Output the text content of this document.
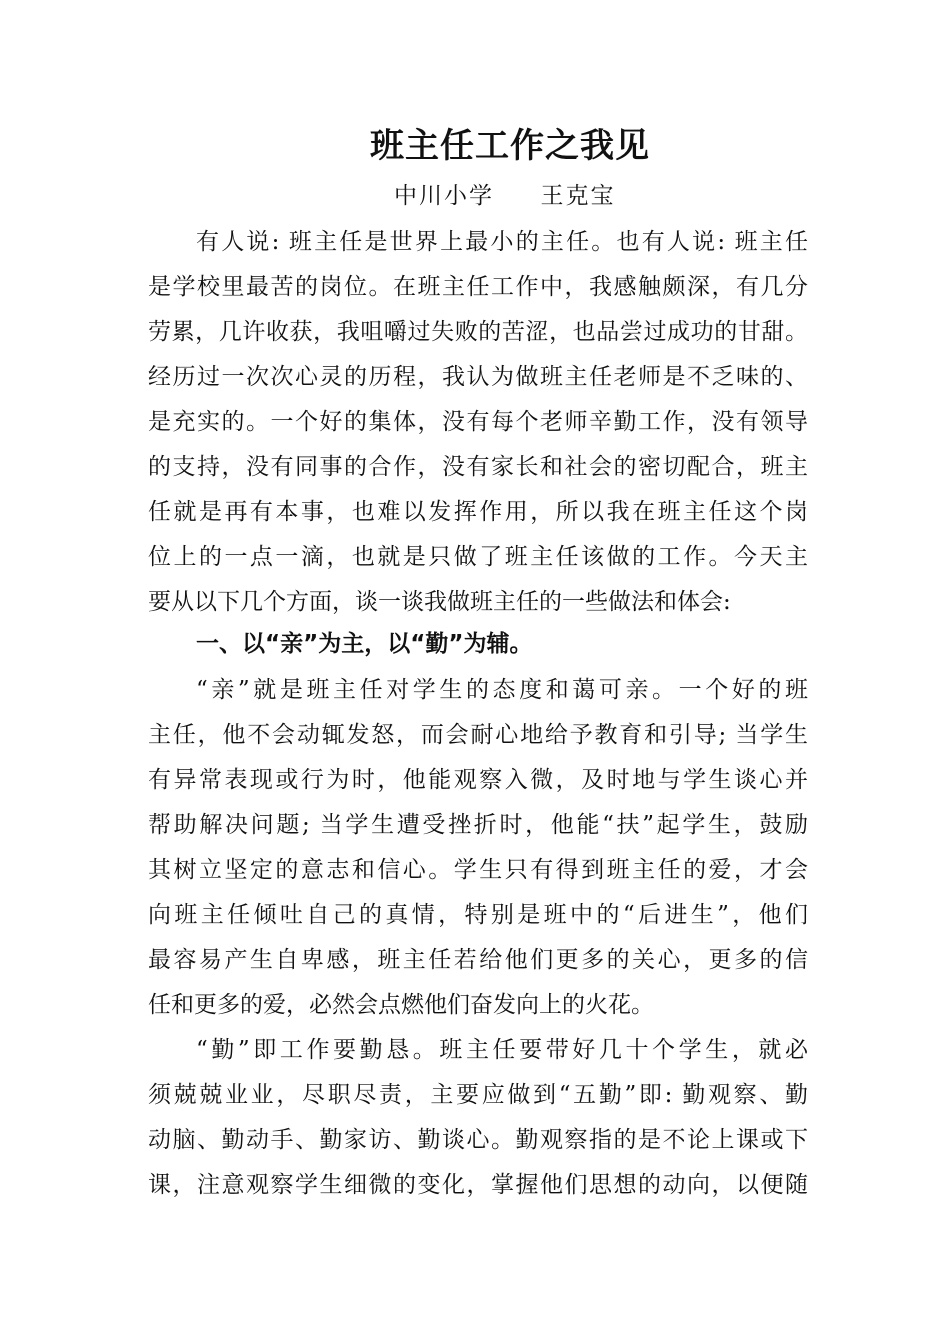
班主任工作之我见
中川小学     王克宝
有人说: 班主任是世界上最小的主任。也有人说: 班主任
是学校里最苦的岗位。在班主任工作中，我感触颇深，有几分
劳累，几许收获，我咀嚼过失败的苦涩，也品尝过成功的甘甜。
经历过一次次心灵的历程，我认为做班主任老师是不乏味的、
是充实的。一个好的集体，没有每个老师辛勤工作，没有领导
的支持，没有同事的合作，没有家长和社会的密切配合，班主
任就是再有本事，也难以发挥作用，所以我在班主任这个岗
位上的一点一滴，也就是只做了班主任该做的工作。今天主
要从以下几个方面，谈一谈我做班主任的一些做法和体会:
一、以“亲”为主，以“勤”为辅。
“亲”就是班主任对学生的态度和蔼可亲。一个好的班
主任，他不会动辄发怒，而会耐心地给予教育和引导; 当学生
有异常表现或行为时，他能观察入微，及时地与学生谈心并
帮助解决问题; 当学生遭受挫折时，他能“扶”起学生，鼓励
其树立坚定的意志和信心。学生只有得到班主任的爱，才会
向班主任倾吐自己的真情，特别是班中的“后进生”，他们
最容易产生自卑感，班主任若给他们更多的关心，更多的信
任和更多的爱，必然会点燃他们奋发向上的火花。
“勤”即工作要勤恳。班主任要带好几十个学生，就必
须兢兢业业，尽职尽责，主要应做到“五勤”即: 勤观察、勤
动脑、勤动手、勤家访、勤谈心。勤观察指的是不论上课或下
课，注意观察学生细微的变化，掌握他们思想的动向，以便随
